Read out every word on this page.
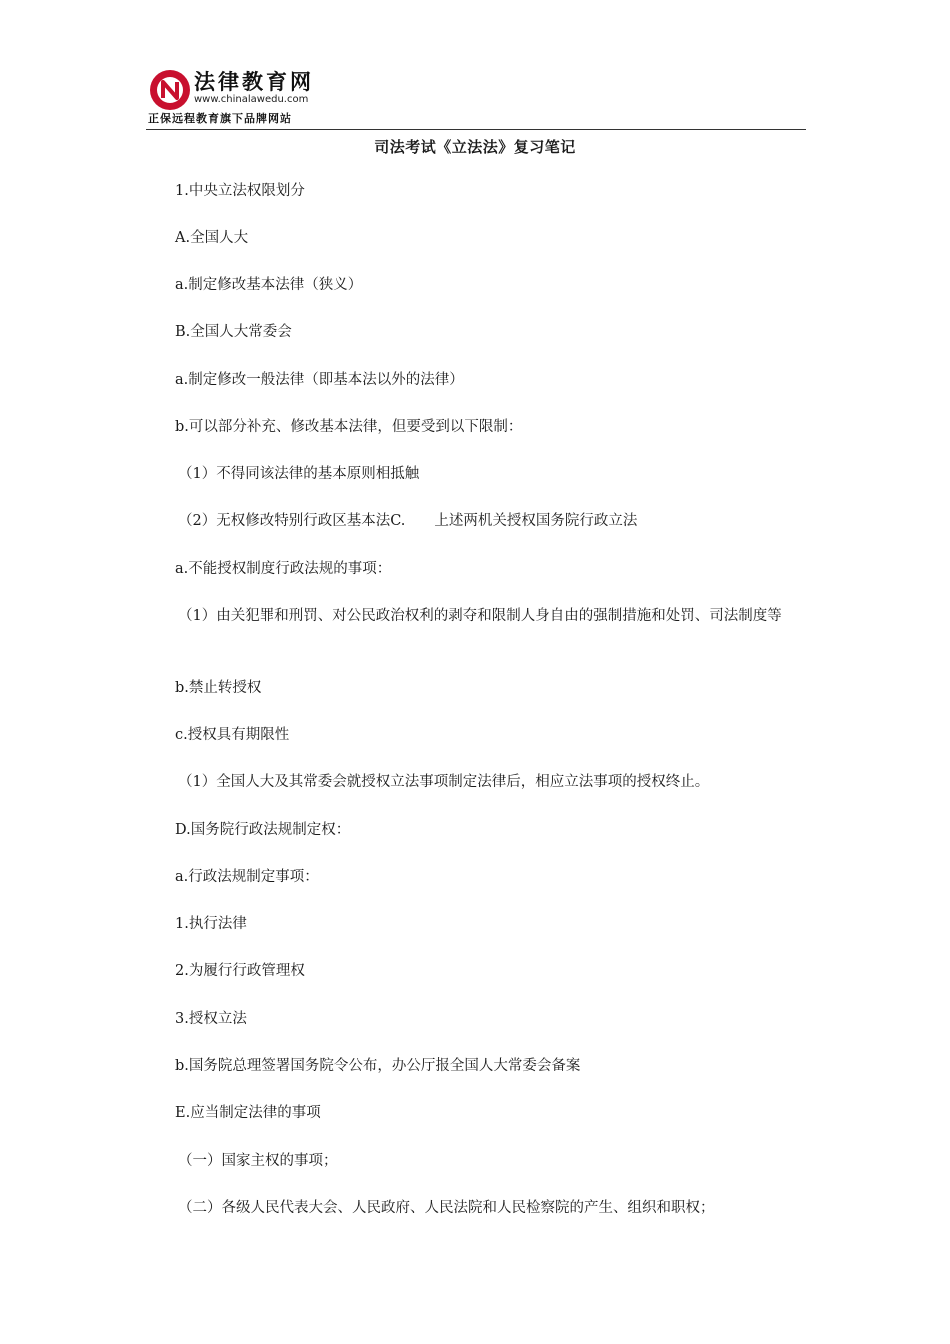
法律教育网
www.chinalawedu.com
正保远程教育旗下品牌网站
司法考试《立法法》复习笔记
1.中央立法权限划分
A.全国人大
a.制定修改基本法律（狭义）
B.全国人大常委会
a.制定修改一般法律（即基本法以外的法律）
b.可以部分补充、修改基本法律，但要受到以下限制：
（1）不得同该法律的基本原则相抵触
（2）无权修改特别行政区基本法C.　　上述两机关授权国务院行政立法
a.不能授权制度行政法规的事项：
（1）由关犯罪和刑罚、对公民政治权利的剥夺和限制人身自由的强制措施和处罚、司法制度等
b.禁止转授权
c.授权具有期限性
（1）全国人大及其常委会就授权立法事项制定法律后，相应立法事项的授权终止。
D.国务院行政法规制定权：
a.行政法规制定事项：
1.执行法律
2.为履行行政管理权
3.授权立法
b.国务院总理签署国务院令公布，办公厅报全国人大常委会备案
E.应当制定法律的事项
（一）国家主权的事项；
（二）各级人民代表大会、人民政府、人民法院和人民检察院的产生、组织和职权；
